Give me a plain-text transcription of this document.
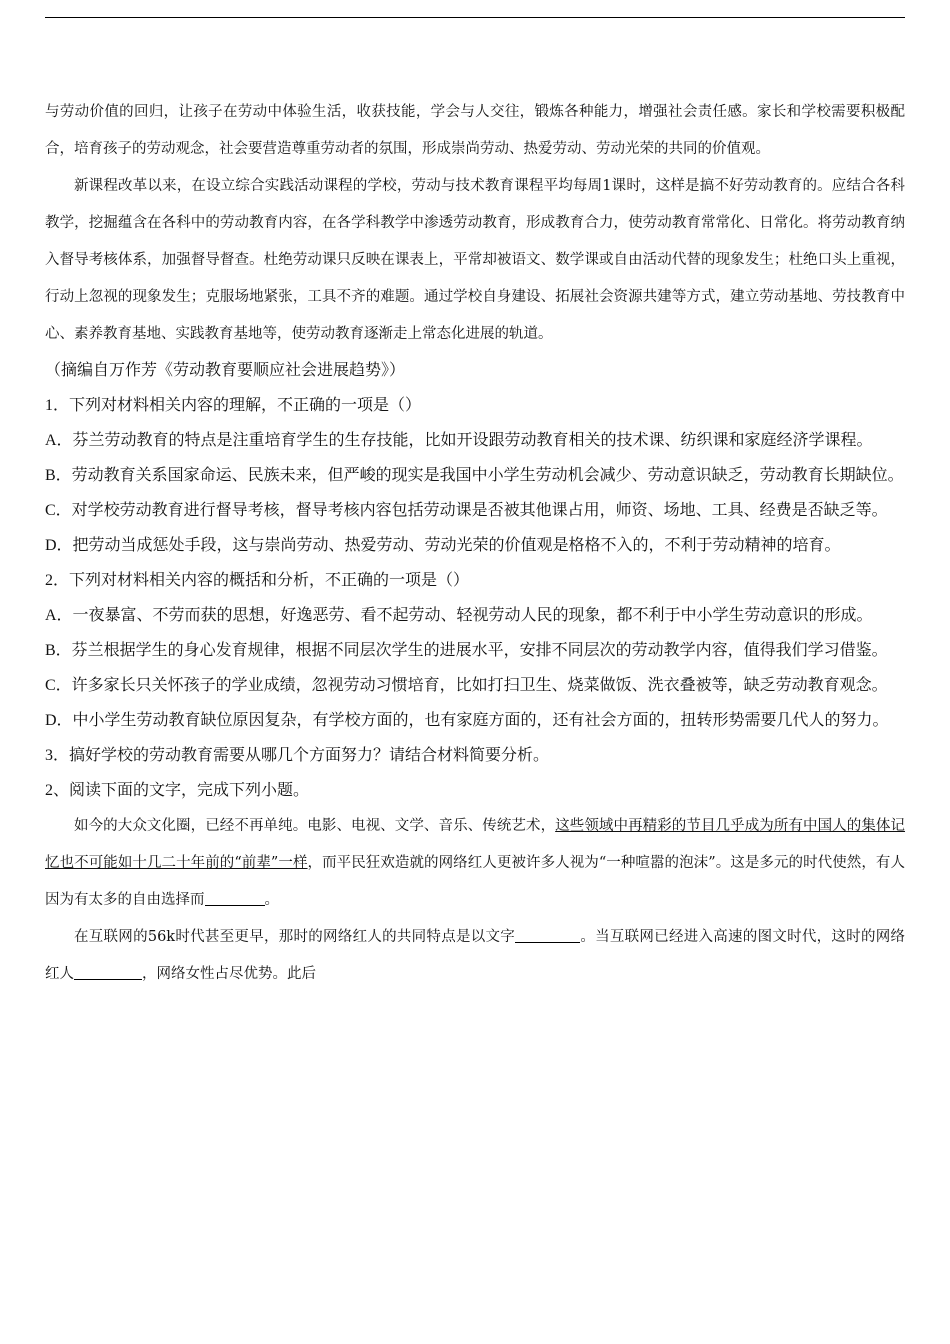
与劳动价值的回归，让孩子在劳动中体验生活，收获技能，学会与人交往，锻炼各种能力，增强社会责任感。家长和学校需要积极配合，培育孩子的劳动观念，社会要营造尊重劳动者的氛围，形成崇尚劳动、热爱劳动、劳动光荣的共同的价值观。

新课程改革以来，在设立综合实践活动课程的学校，劳动与技术教育课程平均每周1课时，这样是搞不好劳动教育的。应结合各科教学，挖掘蕴含在各科中的劳动教育内容，在各学科教学中渗透劳动教育，形成教育合力，使劳动教育常常化、日常化。将劳动教育纳入督导考核体系，加强督导督查。杜绝劳动课只反映在课表上，平常却被语文、数学课或自由活动代替的现象发生；杜绝口头上重视，行动上忽视的现象发生；克服场地紧张，工具不齐的难题。通过学校自身建设、拓展社会资源共建等方式，建立劳动基地、劳技教育中心、素养教育基地、实践教育基地等，使劳动教育逐渐走上常态化进展的轨道。

（摘编自万作芳《劳动教育要顺应社会进展趋势》）

1．下列对材料相关内容的理解，不正确的一项是（）

A．芬兰劳动教育的特点是注重培育学生的生存技能，比如开设跟劳动教育相关的技术课、纺织课和家庭经济学课程。

B．劳动教育关系国家命运、民族未来，但严峻的现实是我国中小学生劳动机会减少、劳动意识缺乏，劳动教育长期缺位。

C．对学校劳动教育进行督导考核，督导考核内容包括劳动课是否被其他课占用，师资、场地、工具、经费是否缺乏等。

D．把劳动当成惩处手段，这与崇尚劳动、热爱劳动、劳动光荣的价值观是格格不入的，不利于劳动精神的培育。

2．下列对材料相关内容的概括和分析，不正确的一项是（）

A．一夜暴富、不劳而获的思想，好逸恶劳、看不起劳动、轻视劳动人民的现象，都不利于中小学生劳动意识的形成。

B．芬兰根据学生的身心发育规律，根据不同层次学生的进展水平，安排不同层次的劳动教学内容，值得我们学习借鉴。

C．许多家长只关怀孩子的学业成绩，忽视劳动习惯培育，比如打扫卫生、烧菜做饭、洗衣叠被等，缺乏劳动教育观念。

D．中小学生劳动教育缺位原因复杂，有学校方面的，也有家庭方面的，还有社会方面的，扭转形势需要几代人的努力。

3．搞好学校的劳动教育需要从哪几个方面努力？请结合材料简要分析。

2、阅读下面的文字，完成下列小题。

如今的大众文化圈，已经不再单纯。电影、电视、文学、音乐、传统艺术，这些领域中再精彩的节目几乎成为所有中国人的集体记忆也不可能如十几二十年前的“前辈”一样，而平民狂欢造就的网络红人更被许多人视为“一种喧嚣的泡沫”。这是多元的时代使然，有人因为有太多的自由选择而	。

在互联网的56k时代甚至更早，那时的网络红人的共同特点是以文字	。当互联网已经进入高速的图文时代，这时的网络红人	，网络女性占尽优势。此后
